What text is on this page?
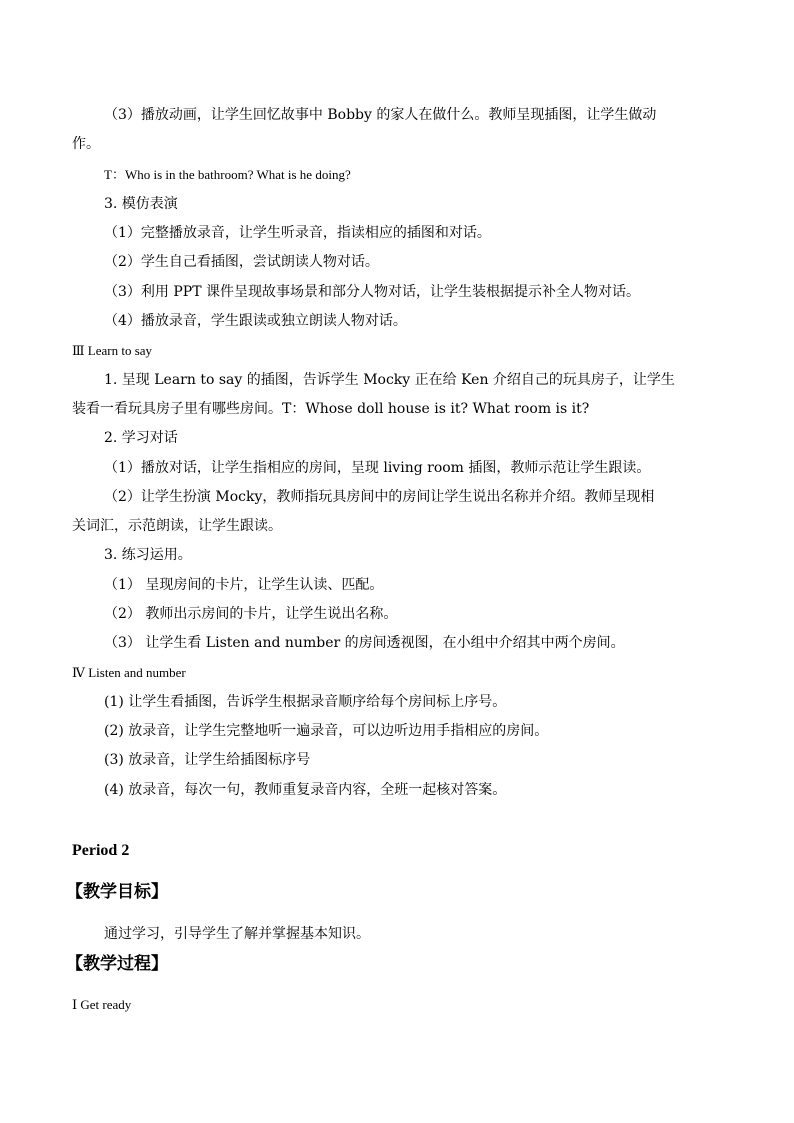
（3）播放动画，让学生回忆故事中 Bobby 的家人在做什么。教师呈现插图，让学生做动
作。
T：Who is in the bathroom? What is he doing?
3. 模仿表演
（1）完整播放录音，让学生听录音，指读相应的插图和对话。
（2）学生自己看插图，尝试朗读人物对话。
（3）利用 PPT 课件呈现故事场景和部分人物对话，让学生装根据提示补全人物对话。
（4）播放录音，学生跟读或独立朗读人物对话。
Ⅲ Learn to say
1. 呈现 Learn to say 的插图，告诉学生 Mocky 正在给 Ken 介绍自己的玩具房子，让学生
装看一看玩具房子里有哪些房间。T：Whose doll house is it? What room is it?
2. 学习对话
（1）播放对话，让学生指相应的房间，呈现 living room 插图，教师示范让学生跟读。
（2）让学生扮演 Mocky，教师指玩具房间中的房间让学生说出名称并介绍。教师呈现相
关词汇，示范朗读，让学生跟读。
3. 练习运用。
（1） 呈现房间的卡片，让学生认读、匹配。
（2） 教师出示房间的卡片，让学生说出名称。
（3） 让学生看 Listen and number 的房间透视图，在小组中介绍其中两个房间。
Ⅳ Listen and number
(1) 让学生看插图，告诉学生根据录音顺序给每个房间标上序号。
(2) 放录音，让学生完整地听一遍录音，可以边听边用手指相应的房间。
(3) 放录音，让学生给插图标序号
(4) 放录音，每次一句，教师重复录音内容，全班一起核对答案。
Period 2
【教学目标】
通过学习，引导学生了解并掌握基本知识。
【教学过程】
Ⅰ Get ready
